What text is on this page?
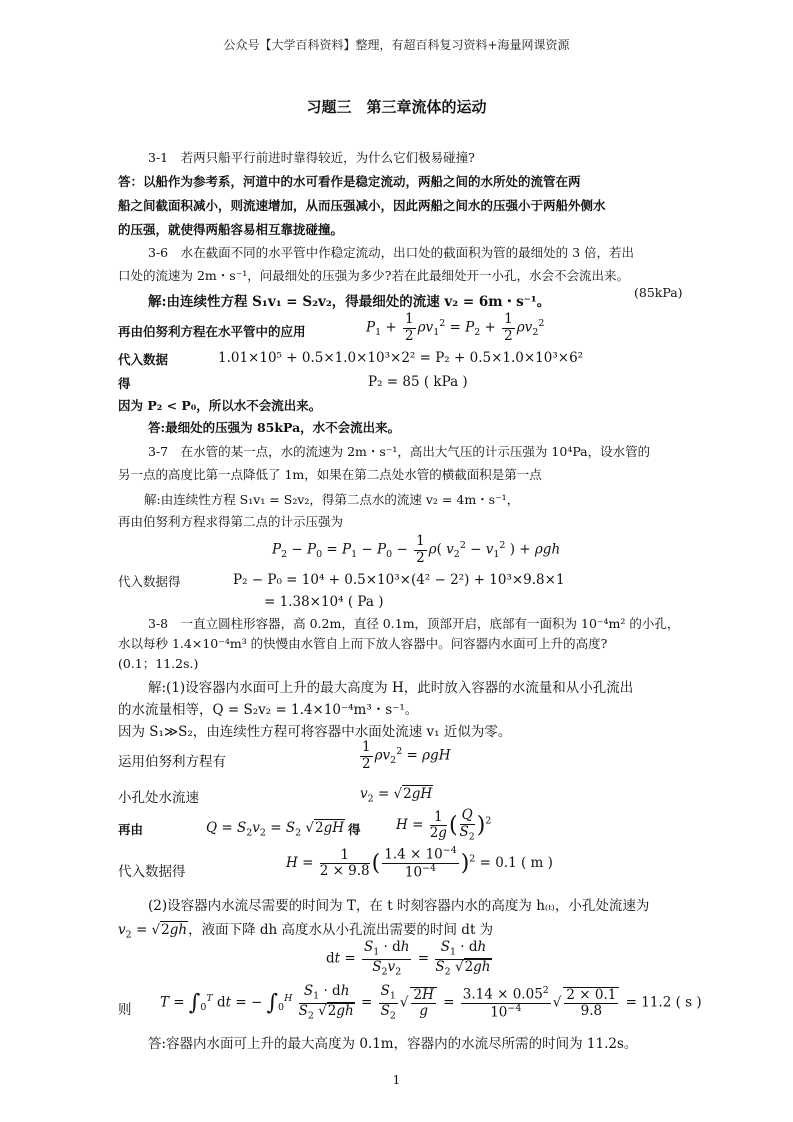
公众号【大学百科资料】整理，有超百科复习资料+海量网课资源
习题三　第三章流体的运动
3-1　若两只船平行前进时靠得较近，为什么它们极易碰撞?
答：以船作为参考系，河道中的水可看作是稳定流动，两船之间的水所处的流管在两
船之间截面积减小，则流速增加，从而压强减小，因此两船之间水的压强小于两船外侧水
的压强，就使得两船容易相互靠拢碰撞。
3-6　水在截面不同的水平管中作稳定流动，出口处的截面积为管的最细处的 3 倍，若出
口处的流速为 2m・s⁻¹，问最细处的压强为多少?若在此最细处开一小孔，水会不会流出来。
解:由连续性方程 S₁v₁ = S₂v₂，得最细处的流速 v₂ = 6m・s⁻¹。
(85kPa)
再由伯努利方程在水平管中的应用	$P_1 + \frac{1}{2} \rho v_1^2 = P_2 + \frac{1}{2} \rho v_2^2$
代入数据	1.01×10⁵ + 0.5×1.0×10³×2² = P₂ + 0.5×1.0×10³×6²
得	P₂ = 85 ( kPa )
因为 P₂ < P₀，所以水不会流出来。
答:最细处的压强为 85kPa，水不会流出来。
3-7　在水管的某一点，水的流速为 2m・s⁻¹，高出大气压的计示压强为 10⁴Pa，设水管的
另一点的高度比第一点降低了 1m，如果在第二点处水管的横截面积是第一点
解:由连续性方程 S₁v₁ = S₂v₂，得第二点水的流速 v₂ = 4m・s⁻¹，
再由伯努利方程求得第二点的计示压强为
$P_2 - P_0 = P_1 - P_0 - \frac{1}{2} \rho$( $v_2^2 - v_1^2$ ) + ρgh
代入数据得	P₂ − P₀ = 10⁴ + 0.5×10³×(4² − 2²) + 10³×9.8×1
= 1.38×10⁴ ( Pa )
3-8　一直立圆柱形容器，高 0.2m，直径 0.1m，顶部开启，底部有一面积为 10⁻⁴m² 的小孔，
水以每秒 1.4×10⁻⁴m³ 的快慢由水管自上而下放人容器中。问容器内水面可上升的高度?
(0.1；11.2s.)
解:(1)设容器内水面可上升的最大高度为 H，此时放入容器的水流量和从小孔流出
的水流量相等，Q = S₂v₂ = 1.4×10⁻⁴m³・s⁻¹。
因为 S₁≫S₂，由连续性方程可将容器中水面处流速 v₁ 近似为零。
运用伯努利方程有	$\frac{1}{2} \rho v_2^2 = \rho gH$
小孔处水流速	$v_2 = √2gH$
再由	$Q = S_2v_2 = S_2$ √2gH 得	$H = \frac{1}{2g}$ ( $\frac{Q}{S_2} )^2$
代入数据得
$H = \frac{1}{2 \times 9.8}$ ( $\frac{1.4 \times 10^{-4}}{10^{-4}} )^2 = 0.1$ ( m )
(2)设容器内水流尽需要的时间为 T，在 t 时刻容器内水的高度为 h₍ₜ₎，小孔处流速为
$v_2 = √2gh$，液面下降 dh 高度水从小孔流出需要的时间 dt 为
dt = $\frac{S_1 \cdot dh}{S_2v_2} = \frac{S_1 \cdot dh}{S_2 √2gh}$
则 $T = \int_0^T$ dt = − $\int_0^H \frac{S_1 \cdot dh}{S_2 √2gh} = \frac{S_1}{S_2}$ √ $\frac{2H}{g} = \frac{3.14 \times 0.05^2}{10^{-4}}$ √ $\frac{2 \times 0.1}{9.8} = 11.2$ ( s )
答:容器内水面可上升的最大高度为 0.1m，容器内的水流尽所需的时间为 11.2s。
1
